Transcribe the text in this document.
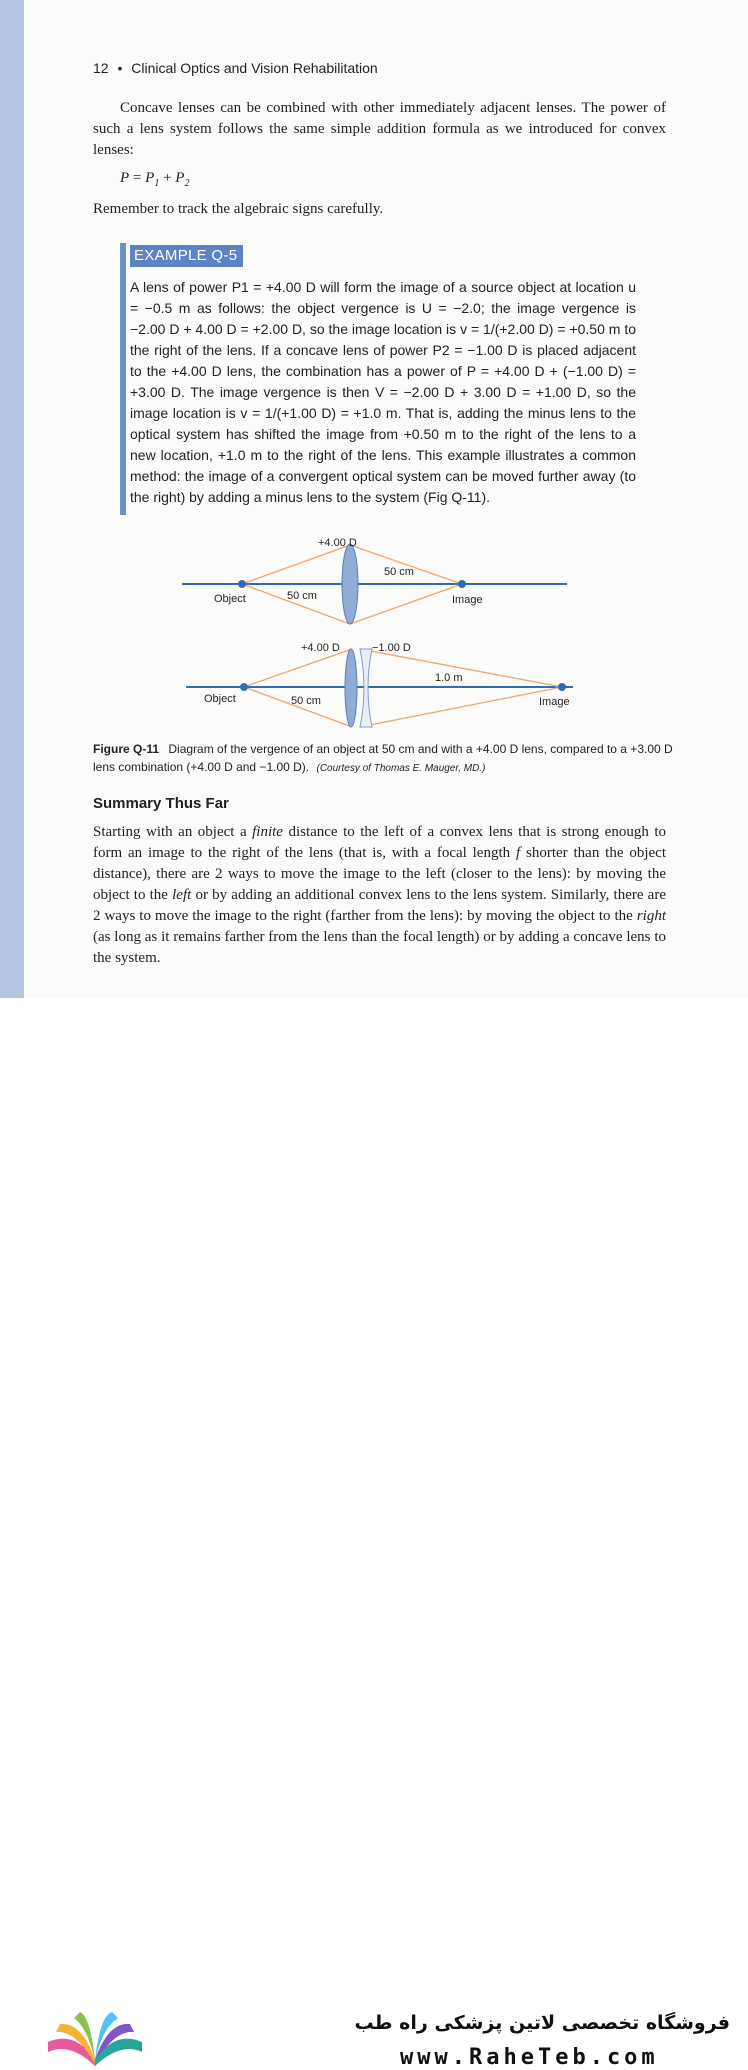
12 • Clinical Optics and Vision Rehabilitation

Concave lenses can be combined with other immediately adjacent lenses. The power of such a lens system follows the same simple addition formula as we introduced for convex lenses:

$P = P_1 + P_2$

Remember to track the algebraic signs carefully.

EXAMPLE Q-5

A lens of power P1 = +4.00 D will form the image of a source object at location u = −0.5 m as follows: the object vergence is U = −2.0; the image vergence is −2.00 D + 4.00 D = +2.00 D, so the image location is v = 1/(+2.00 D) = +0.50 m to the right of the lens. If a concave lens of power P2 = −1.00 D is placed adjacent to the +4.00 D lens, the combination has a power of P = +4.00 D + (−1.00 D) = +3.00 D. The image vergence is then V = −2.00 D + 3.00 D = +1.00 D, so the image location is v = 1/(+1.00 D) = +1.0 m. That is, adding the minus lens to the optical system has shifted the image from +0.50 m to the right of the lens to a new location, +1.0 m to the right of the lens. This example illustrates a common method: the image of a convergent optical system can be moved further away (to the right) by adding a minus lens to the system (Fig Q-11).

+4.00 D
50 cm
Object	50 cm	Image
+4.00 D	−1.00 D
1.0 m
Object	50 cm	Image

Figure Q-11 Diagram of the vergence of an object at 50 cm and with a +4.00 D lens, compared to a +3.00 D lens combination (+4.00 D and −1.00 D). (Courtesy of Thomas E. Mauger, MD.)

Summary Thus Far

Starting with an object a finite distance to the left of a convex lens that is strong enough to form an image to the right of the lens (that is, with a focal length f shorter than the object distance), there are 2 ways to move the image to the left (closer to the lens): by moving the object to the left or by adding an additional convex lens to the lens system. Similarly, there are 2 ways to move the image to the right (farther from the lens): by moving the object to the right (as long as it remains farther from the lens than the focal length) or by adding a concave lens to the system.

فروشگاه تخصصی لاتین پزشکی راه طب
www.RaheTeb.com
